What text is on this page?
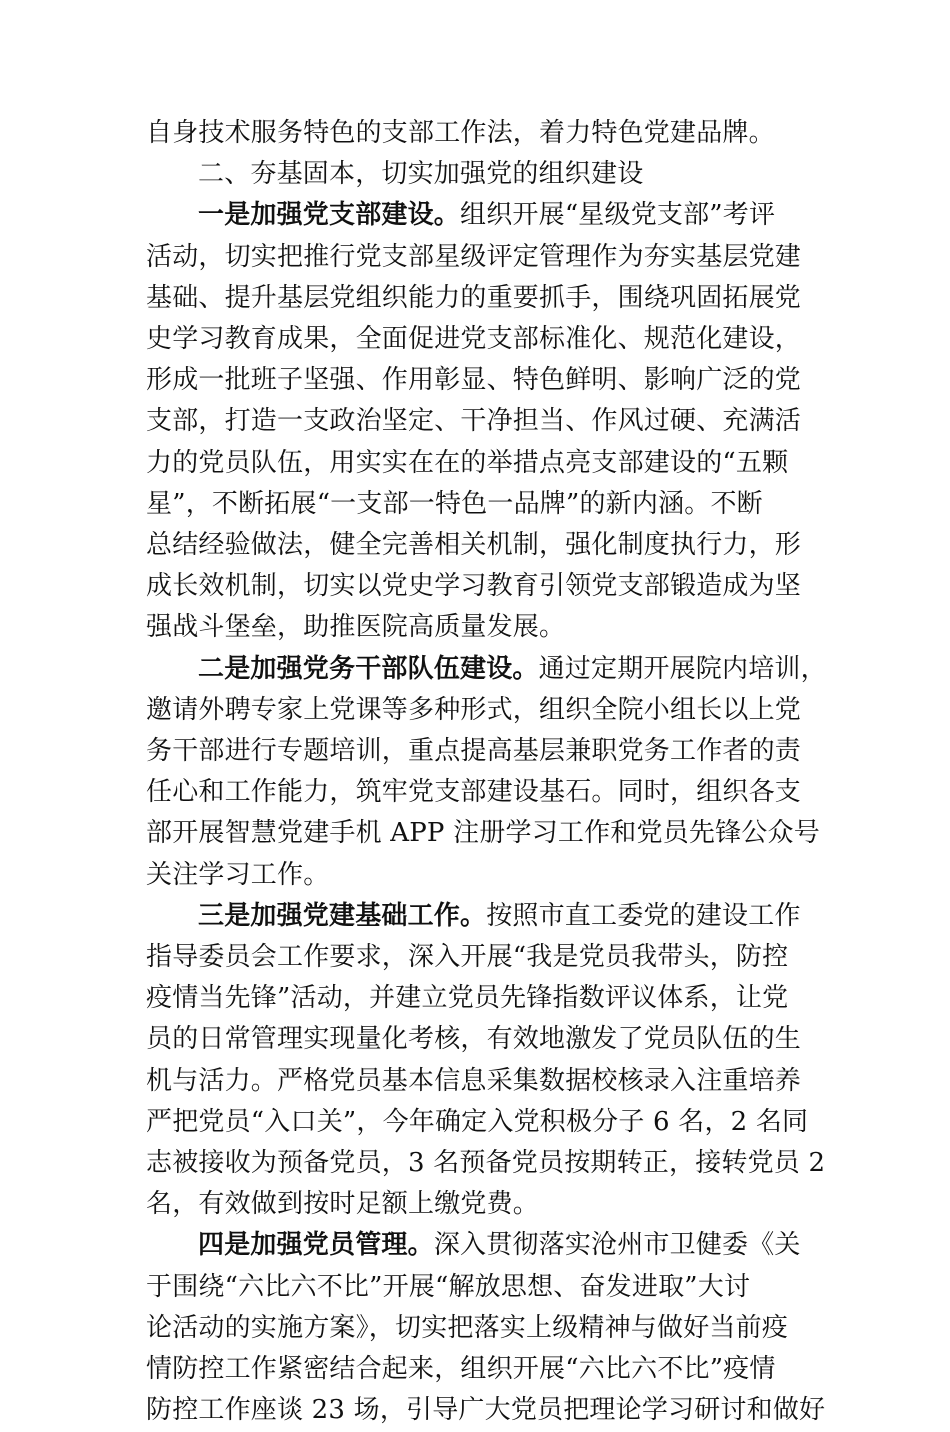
自身技术服务特色的支部工作法，着力特色党建品牌。
二、夯基固本，切实加强党的组织建设
一是加强党支部建设。组织开展“星级党支部”考评
活动，切实把推行党支部星级评定管理作为夯实基层党建
基础、提升基层党组织能力的重要抓手，围绕巩固拓展党
史学习教育成果，全面促进党支部标准化、规范化建设，
形成一批班子坚强、作用彰显、特色鲜明、影响广泛的党
支部，打造一支政治坚定、干净担当、作风过硬、充满活
力的党员队伍，用实实在在的举措点亮支部建设的“五颗
星”，不断拓展“一支部一特色一品牌”的新内涵。不断
总结经验做法，健全完善相关机制，强化制度执行力，形
成长效机制，切实以党史学习教育引领党支部锻造成为坚
强战斗堡垒，助推医院高质量发展。
二是加强党务干部队伍建设。通过定期开展院内培训，
邀请外聘专家上党课等多种形式，组织全院小组长以上党
务干部进行专题培训，重点提高基层兼职党务工作者的责
任心和工作能力，筑牢党支部建设基石。同时，组织各支
部开展智慧党建手机 APP 注册学习工作和党员先锋公众号
关注学习工作。
三是加强党建基础工作。按照市直工委党的建设工作
指导委员会工作要求，深入开展“我是党员我带头，防控
疫情当先锋”活动，并建立党员先锋指数评议体系，让党
员的日常管理实现量化考核，有效地激发了党员队伍的生
机与活力。严格党员基本信息采集数据校核录入注重培养
严把党员“入口关”，今年确定入党积极分子 6 名，2 名同
志被接收为预备党员，3 名预备党员按期转正，接转党员 2
名，有效做到按时足额上缴党费。
四是加强党员管理。深入贯彻落实沧州市卫健委《关
于围绕“六比六不比”开展“解放思想、奋发进取”大讨
论活动的实施方案》，切实把落实上级精神与做好当前疫
情防控工作紧密结合起来，组织开展“六比六不比”疫情
防控工作座谈 23 场，引导广大党员把理论学习研讨和做好
